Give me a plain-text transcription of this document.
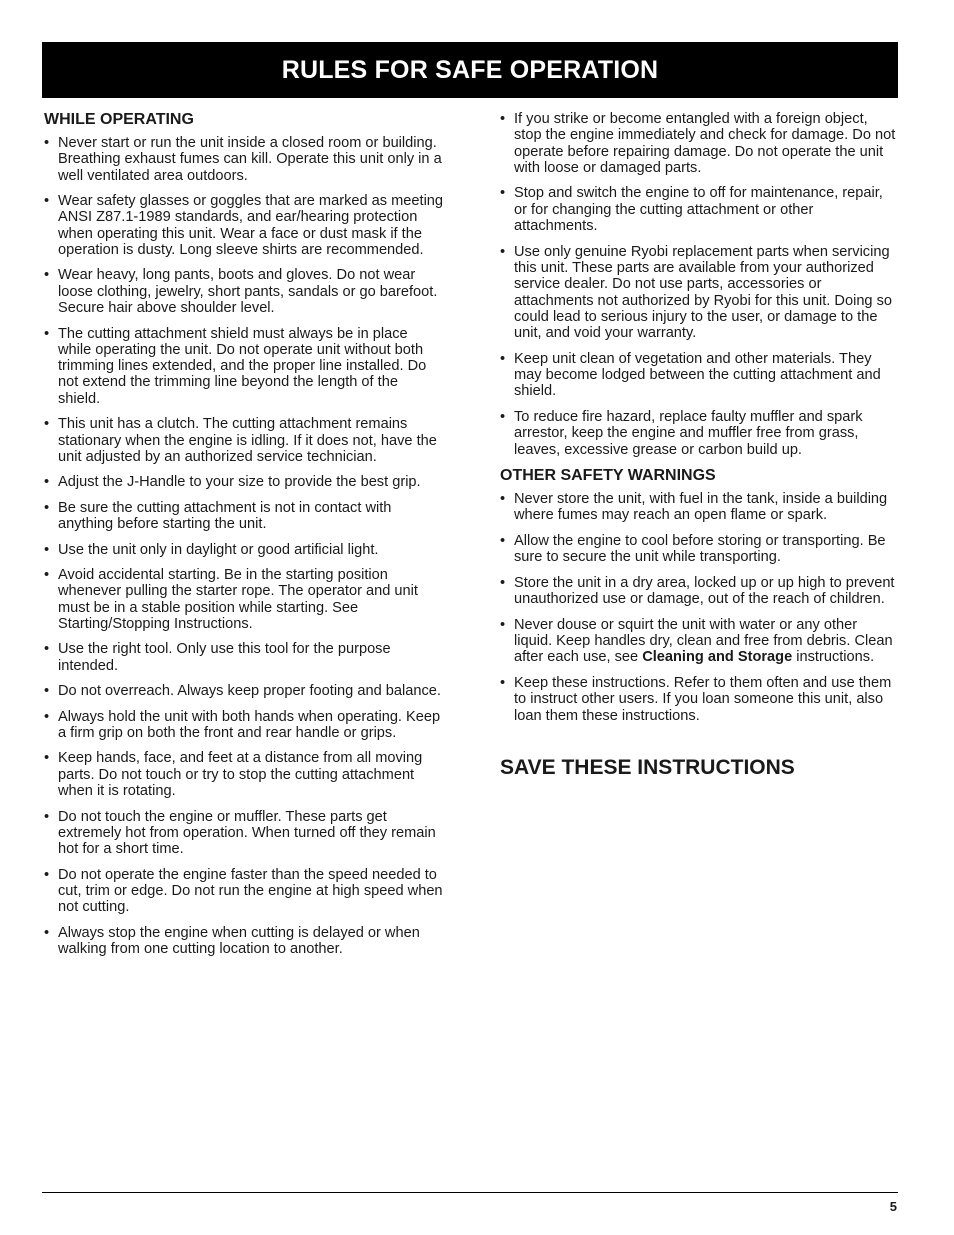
RULES FOR SAFE OPERATION
WHILE OPERATING
• Never start or run the unit inside a closed room or building. Breathing exhaust fumes can kill. Operate this unit only in a well ventilated area outdoors.
• Wear safety glasses or goggles that are marked as meeting ANSI Z87.1-1989 standards, and ear/hearing protection when operating this unit. Wear a face or dust mask if the operation is dusty. Long sleeve shirts are recommended.
• Wear heavy, long pants, boots and gloves. Do not wear loose clothing, jewelry, short pants, sandals or go barefoot. Secure hair above shoulder level.
• The cutting attachment shield must always be in place while operating the unit. Do not operate unit without both trimming lines extended, and the proper line installed. Do not extend the trimming line beyond the length of the shield.
• This unit has a clutch. The cutting attachment remains stationary when the engine is idling. If it does not, have the unit adjusted by an authorized service technician.
• Adjust the J-Handle to your size to provide the best grip.
• Be sure the cutting attachment is not in contact with anything before starting the unit.
• Use the unit only in daylight or good artificial light.
• Avoid accidental starting. Be in the starting position whenever pulling the starter rope. The operator and unit must be in a stable position while starting. See Starting/Stopping Instructions.
• Use the right tool. Only use this tool for the purpose intended.
• Do not overreach. Always keep proper footing and balance.
• Always hold the unit with both hands when operating. Keep a firm grip on both the front and rear handle or grips.
• Keep hands, face, and feet at a distance from all moving parts. Do not touch or try to stop the cutting attachment when it is rotating.
• Do not touch the engine or muffler. These parts get extremely hot from operation. When turned off they remain hot for a short time.
• Do not operate the engine faster than the speed needed to cut, trim or edge. Do not run the engine at high speed when not cutting.
• Always stop the engine when cutting is delayed or when walking from one cutting location to another.
• If you strike or become entangled with a foreign object, stop the engine immediately and check for damage. Do not operate before repairing damage. Do not operate the unit with loose or damaged parts.
• Stop and switch the engine to off for maintenance, repair, or for changing the cutting attachment or other attachments.
• Use only genuine Ryobi replacement parts when servicing this unit. These parts are available from your authorized service dealer. Do not use parts, accessories or attachments not authorized by Ryobi for this unit. Doing so could lead to serious injury to the user, or damage to the unit, and void your warranty.
• Keep unit clean of vegetation and other materials. They may become lodged between the cutting attachment and shield.
• To reduce fire hazard, replace faulty muffler and spark arrestor, keep the engine and muffler free from grass, leaves, excessive grease or carbon build up.
OTHER SAFETY WARNINGS
• Never store the unit, with fuel in the tank, inside a building where fumes may reach an open flame or spark.
• Allow the engine to cool before storing or transporting. Be sure to secure the unit while transporting.
• Store the unit in a dry area, locked up or up high to prevent unauthorized use or damage, out of the reach of children.
• Never douse or squirt the unit with water or any other liquid. Keep handles dry, clean and free from debris. Clean after each use, see Cleaning and Storage instructions.
• Keep these instructions. Refer to them often and use them to instruct other users. If you loan someone this unit, also loan them these instructions.
SAVE THESE INSTRUCTIONS
5
